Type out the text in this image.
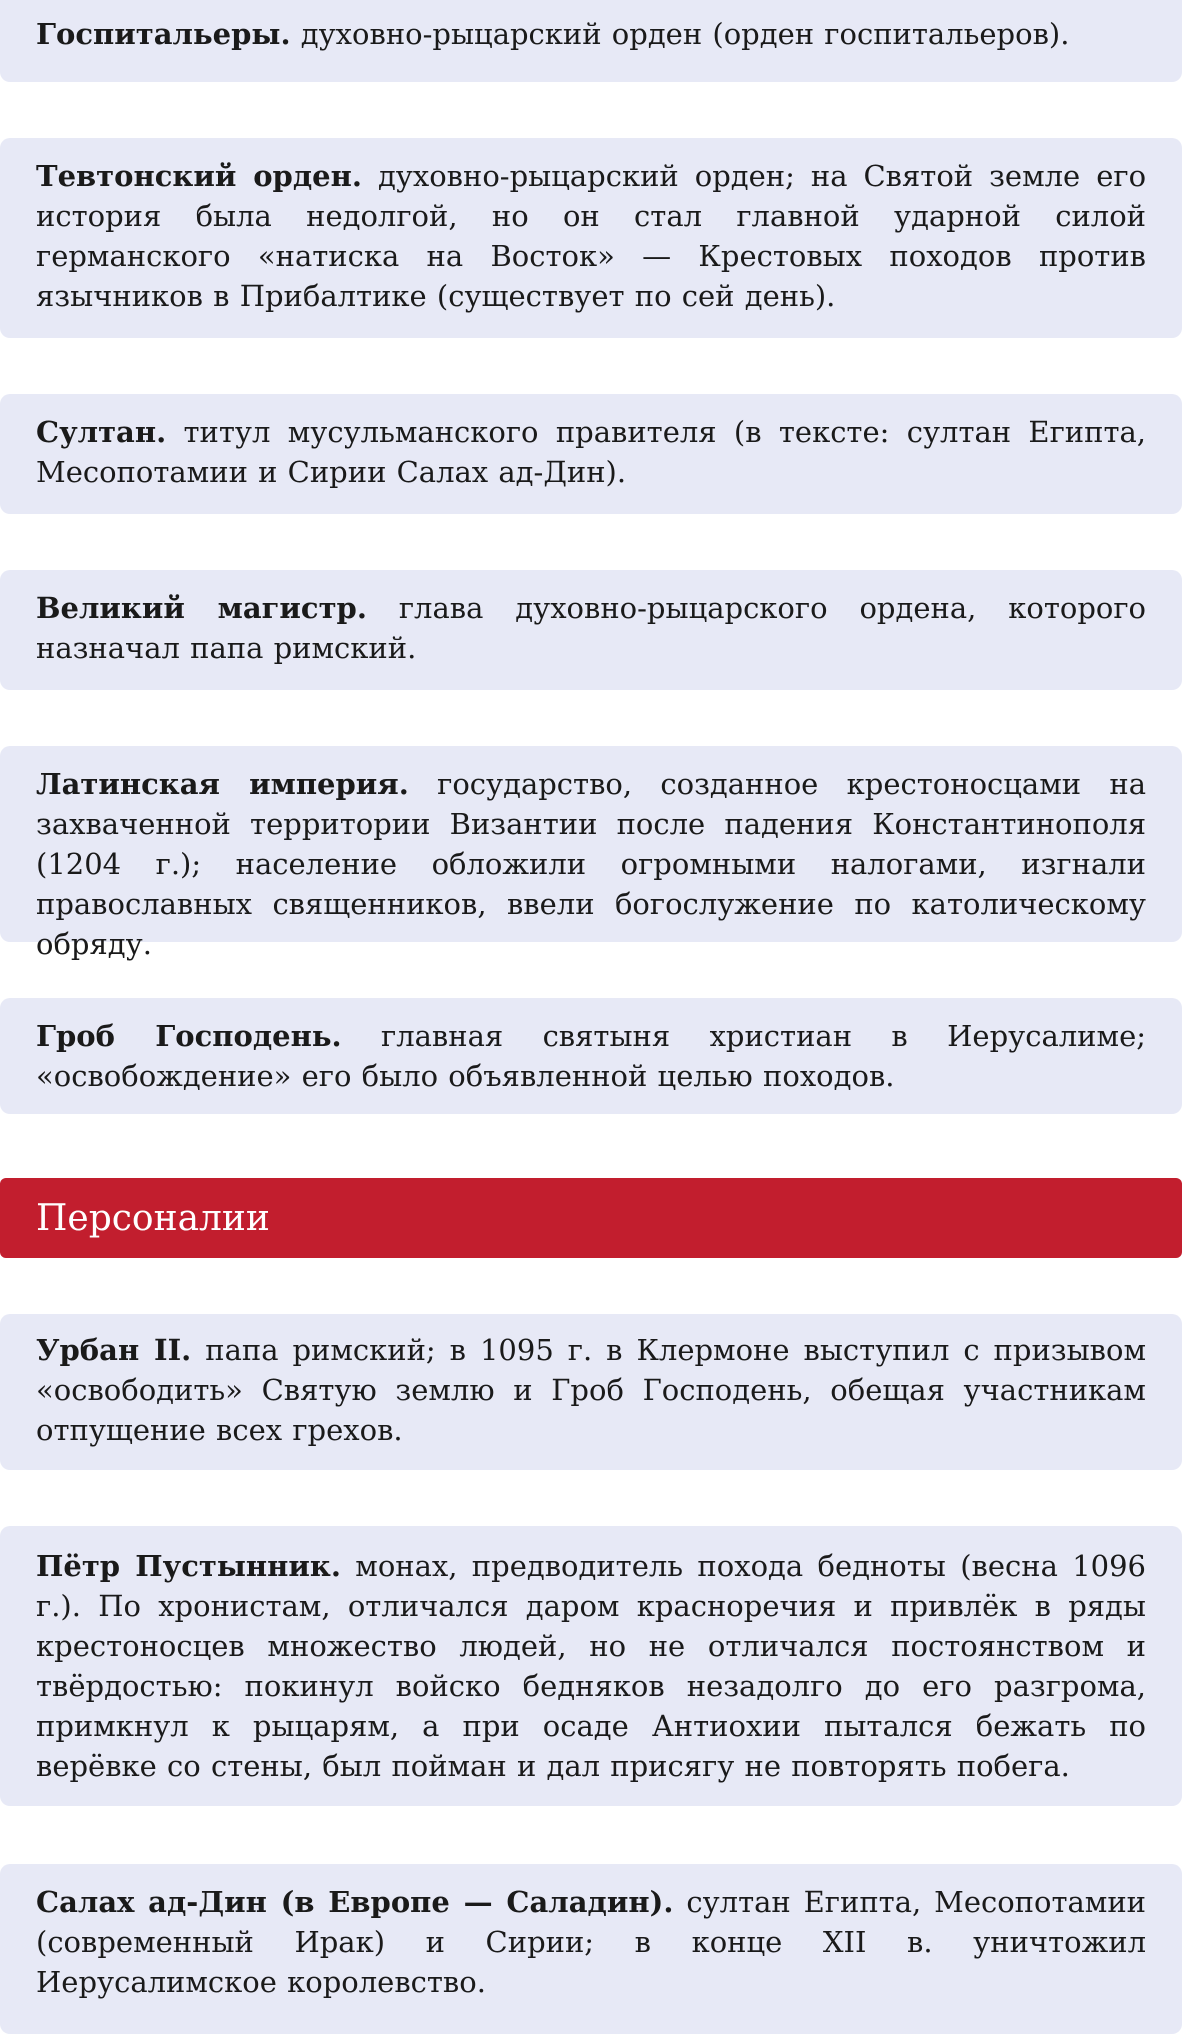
Госпитальеры. духовно-рыцарский орден (орден госпитальеров).

Тевтонский орден. духовно-рыцарский орден; на Святой земле его история была недолгой, но он стал главной ударной силой германского «натиска на Восток» — Крестовых походов против язычников в Прибалтике (существует по сей день).

Султан. титул мусульманского правителя (в тексте: султан Египта, Месопотамии и Сирии Салах ад-Дин).

Великий магистр. глава духовно-рыцарского ордена, которого назначал папа римский.

Латинская империя. государство, созданное крестоносцами на захваченной территории Византии после падения Константинополя (1204 г.); население обложили огромными налогами, изгнали православных священников, ввели богослужение по католическому обряду.

Гроб Господень. главная святыня христиан в Иерусалиме; «освобождение» его было объявленной целью походов.

Персоналии

Урбан II. папа римский; в 1095 г. в Клермоне выступил с призывом «освободить» Святую землю и Гроб Господень, обещая участникам отпущение всех грехов.

Пётр Пустынник. монах, предводитель похода бедноты (весна 1096 г.). По хронистам, отличался даром красноречия и привлёк в ряды крестоносцев множество людей, но не отличался постоянством и твёрдостью: покинул войско бедняков незадолго до его разгрома, примкнул к рыцарям, а при осаде Антиохии пытался бежать по верёвке со стены, был пойман и дал присягу не повторять побега.

Салах ад-Дин (в Европе — Саладин). султан Египта, Месопотамии (современный Ирак) и Сирии; в конце XII в. уничтожил Иерусалимское королевство.
